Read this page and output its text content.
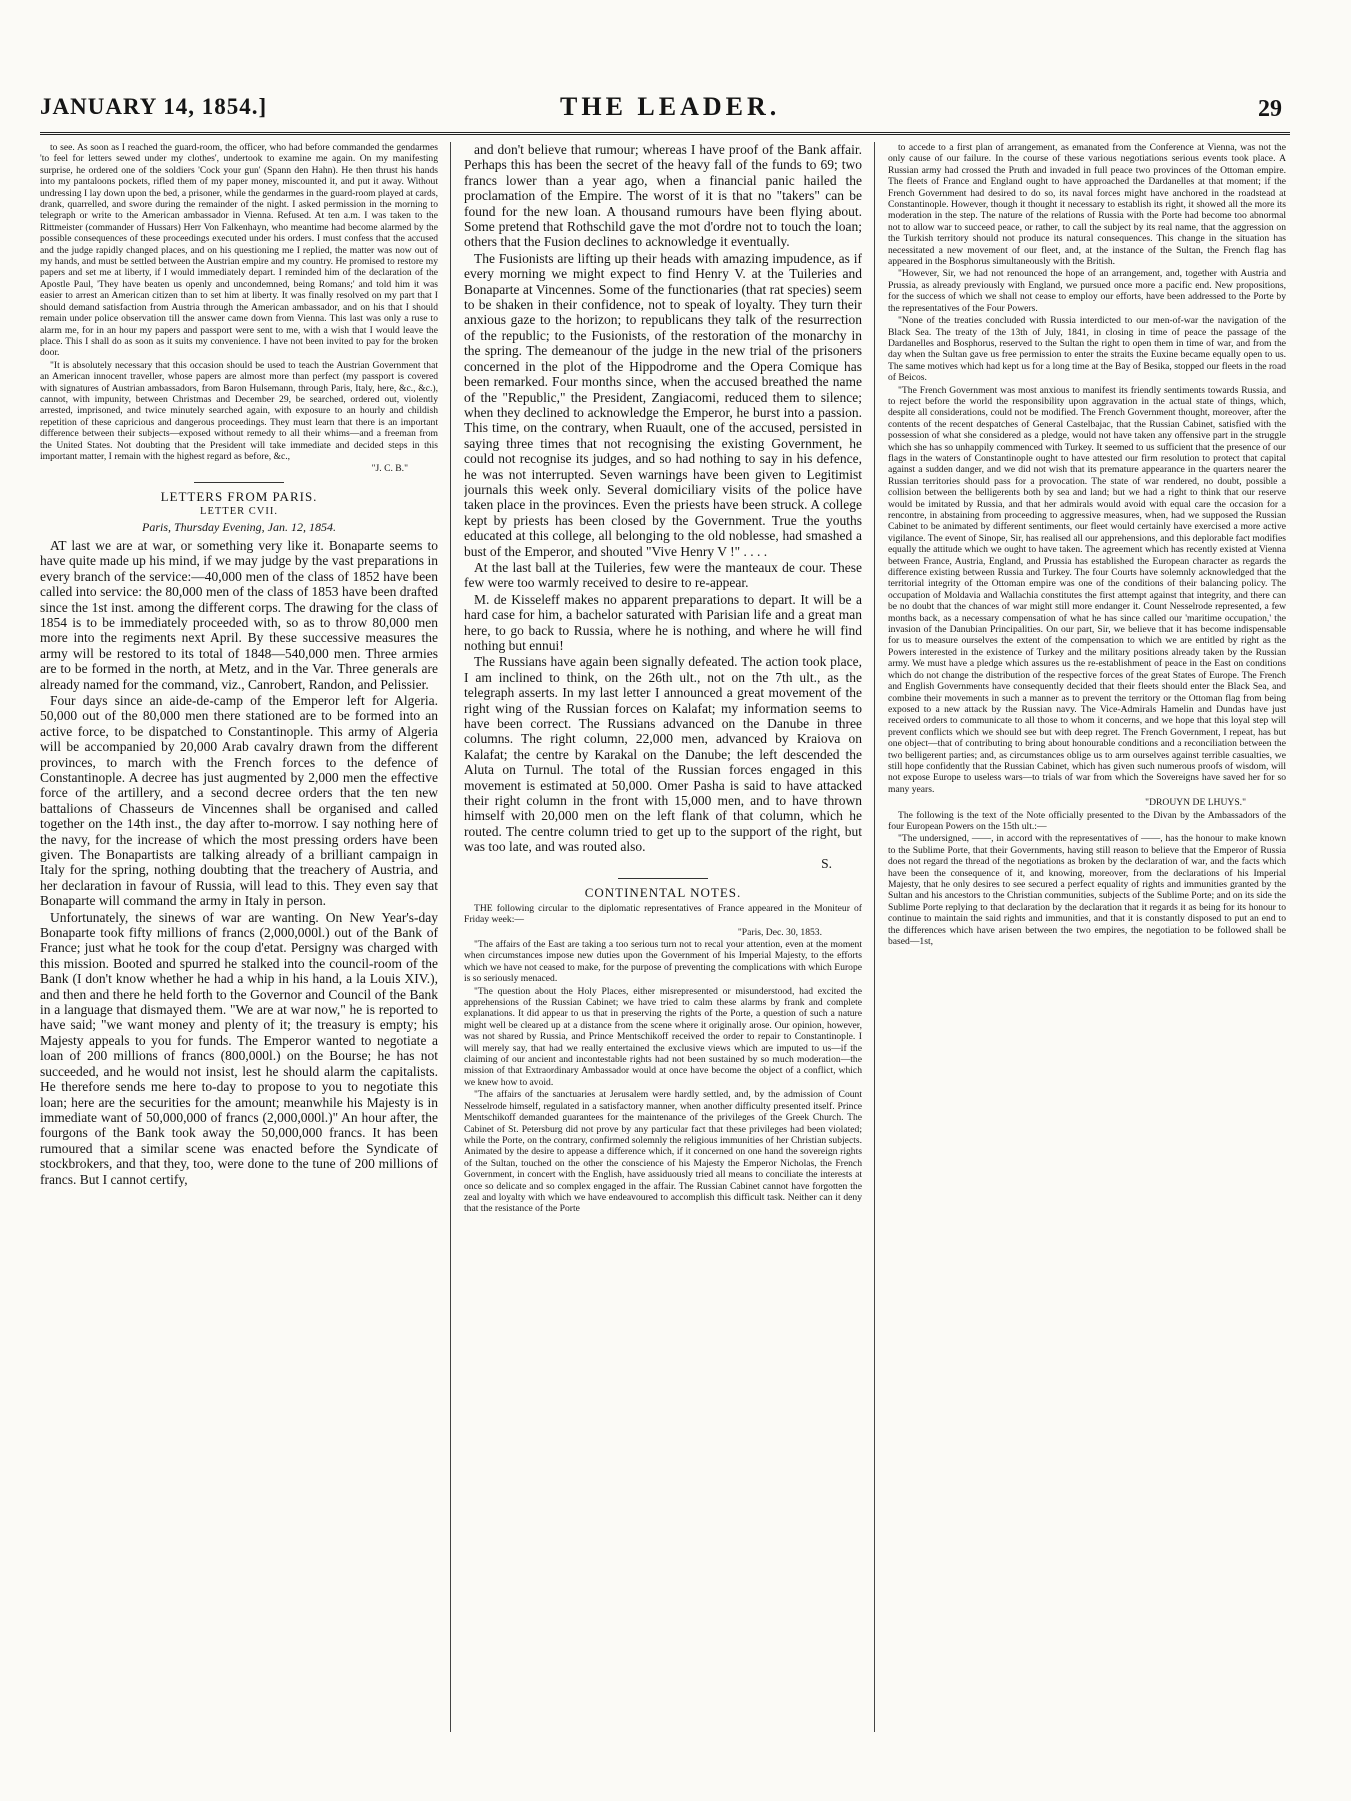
JANUARY 14, 1854.]	THE LEADER.	29

to see. As soon as I reached the guard-room, the officer, who had before commanded the gendarmes 'to feel for letters sewed under my clothes', undertook to examine me again. On my manifesting surprise, he ordered one of the soldiers 'Cock your gun' (Spann den Hahn). He then thrust his hands into my pantaloons pockets, rifled them of my paper money, miscounted it, and put it away. Without undressing I lay down upon the bed, a prisoner, while the gendarmes in the guard-room played at cards, drank, quarrelled, and swore during the remainder of the night. I asked permission in the morning to telegraph or write to the American ambassador in Vienna. Refused. At ten a.m. I was taken to the Rittmeister (commander of Hussars) Herr Von Falkenhayn, who meantime had become alarmed by the possible consequences of these proceedings executed under his orders. I must confess that the accused and the judge rapidly changed places, and on his questioning me I replied, the matter was now out of my hands, and must be settled between the Austrian empire and my country. He promised to restore my papers and set me at liberty, if I would immediately depart. I reminded him of the declaration of the Apostle Paul, 'They have beaten us openly and uncondemned, being Romans;' and told him it was easier to arrest an American citizen than to set him at liberty. It was finally resolved on my part that I should demand satisfaction from Austria through the American ambassador, and on his that I should remain under police observation till the answer came down from Vienna. This last was only a ruse to alarm me, for in an hour my papers and passport were sent to me, with a wish that I would leave the place. This I shall do as soon as it suits my convenience. I have not been invited to pay for the broken door.

"It is absolutely necessary that this occasion should be used to teach the Austrian Government that an American innocent traveller, whose papers are almost more than perfect (my passport is covered with signatures of Austrian ambassadors, from Baron Hulsemann, through Paris, Italy, here, &c., &c.), cannot, with impunity, between Christmas and December 29, be searched, ordered out, violently arrested, imprisoned, and twice minutely searched again, with exposure to an hourly and childish repetition of these capricious and dangerous proceedings. They must learn that there is an important difference between their subjects—exposed without remedy to all their whims—and a freeman from the United States. Not doubting that the President will take immediate and decided steps in this important matter, I remain with the highest regard as before, &c.,

"J. C. B."

LETTERS FROM PARIS.
LETTER CVII.
Paris, Thursday Evening, Jan. 12, 1854.

AT last we are at war, or something very like it. Bonaparte seems to have quite made up his mind, if we may judge by the vast preparations in every branch of the service:—40,000 men of the class of 1852 have been called into service: the 80,000 men of the class of 1853 have been drafted since the 1st inst. among the different corps. The drawing for the class of 1854 is to be immediately proceeded with, so as to throw 80,000 men more into the regiments next April. By these successive measures the army will be restored to its total of 1848—540,000 men. Three armies are to be formed in the north, at Metz, and in the Var. Three generals are already named for the command, viz., Canrobert, Randon, and Pelissier.

Four days since an aide-de-camp of the Emperor left for Algeria. 50,000 out of the 80,000 men there stationed are to be formed into an active force, to be dispatched to Constantinople. This army of Algeria will be accompanied by 20,000 Arab cavalry drawn from the different provinces, to march with the French forces to the defence of Constantinople. A decree has just augmented by 2,000 men the effective force of the artillery, and a second decree orders that the ten new battalions of Chasseurs de Vincennes shall be organised and called together on the 14th inst., the day after to-morrow. I say nothing here of the navy, for the increase of which the most pressing orders have been given. The Bonapartists are talking already of a brilliant campaign in Italy for the spring, nothing doubting that the treachery of Austria, and her declaration in favour of Russia, will lead to this. They even say that Bonaparte will command the army in Italy in person.

Unfortunately, the sinews of war are wanting. On New Year's-day Bonaparte took fifty millions of francs (2,000,000l.) out of the Bank of France; just what he took for the coup d'etat. Persigny was charged with this mission. Booted and spurred he stalked into the council-room of the Bank (I don't know whether he had a whip in his hand, a la Louis XIV.), and then and there he held forth to the Governor and Council of the Bank in a language that dismayed them. "We are at war now," he is reported to have said; "we want money and plenty of it; the treasury is empty; his Majesty appeals to you for funds. The Emperor wanted to negotiate a loan of 200 millions of francs (800,000l.) on the Bourse; he has not succeeded, and he would not insist, lest he should alarm the capitalists. He therefore sends me here to-day to propose to you to negotiate this loan; here are the securities for the amount; meanwhile his Majesty is in immediate want of 50,000,000 of francs (2,000,000l.)" An hour after, the fourgons of the Bank took away the 50,000,000 francs. It has been rumoured that a similar scene was enacted before the Syndicate of stockbrokers, and that they, too, were done to the tune of 200 millions of francs. But I cannot certify,

and don't believe that rumour; whereas I have proof of the Bank affair. Perhaps this has been the secret of the heavy fall of the funds to 69; two francs lower than a year ago, when a financial panic hailed the proclamation of the Empire. The worst of it is that no "takers" can be found for the new loan. A thousand rumours have been flying about. Some pretend that Rothschild gave the mot d'ordre not to touch the loan; others that the Fusion declines to acknowledge it eventually.

The Fusionists are lifting up their heads with amazing impudence, as if every morning we might expect to find Henry V. at the Tuileries and Bonaparte at Vincennes. Some of the functionaries (that rat species) seem to be shaken in their confidence, not to speak of loyalty. They turn their anxious gaze to the horizon; to republicans they talk of the resurrection of the republic; to the Fusionists, of the restoration of the monarchy in the spring. The demeanour of the judge in the new trial of the prisoners concerned in the plot of the Hippodrome and the Opera Comique has been remarked. Four months since, when the accused breathed the name of the "Republic," the President, Zangiacomi, reduced them to silence; when they declined to acknowledge the Emperor, he burst into a passion. This time, on the contrary, when Ruault, one of the accused, persisted in saying three times that not recognising the existing Government, he could not recognise its judges, and so had nothing to say in his defence, he was not interrupted. Seven warnings have been given to Legitimist journals this week only. Several domiciliary visits of the police have taken place in the provinces. Even the priests have been struck. A college kept by priests has been closed by the Government. True the youths educated at this college, all belonging to the old noblesse, had smashed a bust of the Emperor, and shouted "Vive Henry V !" . . . .

At the last ball at the Tuileries, few were the manteaux de cour. These few were too warmly received to desire to re-appear.

M. de Kisseleff makes no apparent preparations to depart. It will be a hard case for him, a bachelor saturated with Parisian life and a great man here, to go back to Russia, where he is nothing, and where he will find nothing but ennui!

The Russians have again been signally defeated. The action took place, I am inclined to think, on the 26th ult., not on the 7th ult., as the telegraph asserts. In my last letter I announced a great movement of the right wing of the Russian forces on Kalafat; my information seems to have been correct. The Russians advanced on the Danube in three columns. The right column, 22,000 men, advanced by Kraiova on Kalafat; the centre by Karakal on the Danube; the left descended the Aluta on Turnul. The total of the Russian forces engaged in this movement is estimated at 50,000. Omer Pasha is said to have attacked their right column in the front with 15,000 men, and to have thrown himself with 20,000 men on the left flank of that column, which he routed. The centre column tried to get up to the support of the right, but was too late, and was routed also.

S.

CONTINENTAL NOTES.

THE following circular to the diplomatic representatives of France appeared in the Moniteur of Friday week:—

"Paris, Dec. 30, 1853.

"The affairs of the East are taking a too serious turn not to recal your attention, even at the moment when circumstances impose new duties upon the Government of his Imperial Majesty, to the efforts which we have not ceased to make, for the purpose of preventing the complications with which Europe is so seriously menaced.

"The question about the Holy Places, either misrepresented or misunderstood, had excited the apprehensions of the Russian Cabinet; we have tried to calm these alarms by frank and complete explanations. It did appear to us that in preserving the rights of the Porte, a question of such a nature might well be cleared up at a distance from the scene where it originally arose. Our opinion, however, was not shared by Russia, and Prince Mentschikoff received the order to repair to Constantinople. I will merely say, that had we really entertained the exclusive views which are imputed to us—if the claiming of our ancient and incontestable rights had not been sustained by so much moderation—the mission of that Extraordinary Ambassador would at once have become the object of a conflict, which we knew how to avoid.

"The affairs of the sanctuaries at Jerusalem were hardly settled, and, by the admission of Count Nesselrode himself, regulated in a satisfactory manner, when another difficulty presented itself. Prince Mentschikoff demanded guarantees for the maintenance of the privileges of the Greek Church. The Cabinet of St. Petersburg did not prove by any particular fact that these privileges had been violated; while the Porte, on the contrary, confirmed solemnly the religious immunities of her Christian subjects. Animated by the desire to appease a difference which, if it concerned on one hand the sovereign rights of the Sultan, touched on the other the conscience of his Majesty the Emperor Nicholas, the French Government, in concert with the English, have assiduously tried all means to conciliate the interests at once so delicate and so complex engaged in the affair. The Russian Cabinet cannot have forgotten the zeal and loyalty with which we have endeavoured to accomplish this difficult task. Neither can it deny that the resistance of the Porte

to accede to a first plan of arrangement, as emanated from the Conference at Vienna, was not the only cause of our failure. In the course of these various negotiations serious events took place. A Russian army had crossed the Pruth and invaded in full peace two provinces of the Ottoman empire. The fleets of France and England ought to have approached the Dardanelles at that moment; if the French Government had desired to do so, its naval forces might have anchored in the roadstead at Constantinople. However, though it thought it necessary to establish its right, it showed all the more its moderation in the step. The nature of the relations of Russia with the Porte had become too abnormal not to allow war to succeed peace, or rather, to call the subject by its real name, that the aggression on the Turkish territory should not produce its natural consequences. This change in the situation has necessitated a new movement of our fleet, and, at the instance of the Sultan, the French flag has appeared in the Bosphorus simultaneously with the British.

"However, Sir, we had not renounced the hope of an arrangement, and, together with Austria and Prussia, as already previously with England, we pursued once more a pacific end. New propositions, for the success of which we shall not cease to employ our efforts, have been addressed to the Porte by the representatives of the Four Powers.

"None of the treaties concluded with Russia interdicted to our men-of-war the navigation of the Black Sea. The treaty of the 13th of July, 1841, in closing in time of peace the passage of the Dardanelles and Bosphorus, reserved to the Sultan the right to open them in time of war, and from the day when the Sultan gave us free permission to enter the straits the Euxine became equally open to us. The same motives which had kept us for a long time at the Bay of Besika, stopped our fleets in the road of Beicos.

"The French Government was most anxious to manifest its friendly sentiments towards Russia, and to reject before the world the responsibility upon aggravation in the actual state of things, which, despite all considerations, could not be modified. The French Government thought, moreover, after the contents of the recent despatches of General Castelbajac, that the Russian Cabinet, satisfied with the possession of what she considered as a pledge, would not have taken any offensive part in the struggle which she has so unhappily commenced with Turkey. It seemed to us sufficient that the presence of our flags in the waters of Constantinople ought to have attested our firm resolution to protect that capital against a sudden danger, and we did not wish that its premature appearance in the quarters nearer the Russian territories should pass for a provocation. The state of war rendered, no doubt, possible a collision between the belligerents both by sea and land; but we had a right to think that our reserve would be imitated by Russia, and that her admirals would avoid with equal care the occasion for a rencontre, in abstaining from proceeding to aggressive measures, when, had we supposed the Russian Cabinet to be animated by different sentiments, our fleet would certainly have exercised a more active vigilance. The event of Sinope, Sir, has realised all our apprehensions, and this deplorable fact modifies equally the attitude which we ought to have taken. The agreement which has recently existed at Vienna between France, Austria, England, and Prussia has established the European character as regards the difference existing between Russia and Turkey. The four Courts have solemnly acknowledged that the territorial integrity of the Ottoman empire was one of the conditions of their balancing policy. The occupation of Moldavia and Wallachia constitutes the first attempt against that integrity, and there can be no doubt that the chances of war might still more endanger it. Count Nesselrode represented, a few months back, as a necessary compensation of what he has since called our 'maritime occupation,' the invasion of the Danubian Principalities. On our part, Sir, we believe that it has become indispensable for us to measure ourselves the extent of the compensation to which we are entitled by right as the Powers interested in the existence of Turkey and the military positions already taken by the Russian army. We must have a pledge which assures us the re-establishment of peace in the East on conditions which do not change the distribution of the respective forces of the great States of Europe. The French and English Governments have consequently decided that their fleets should enter the Black Sea, and combine their movements in such a manner as to prevent the territory or the Ottoman flag from being exposed to a new attack by the Russian navy. The Vice-Admirals Hamelin and Dundas have just received orders to communicate to all those to whom it concerns, and we hope that this loyal step will prevent conflicts which we should see but with deep regret. The French Government, I repeat, has but one object—that of contributing to bring about honourable conditions and a reconciliation between the two belligerent parties; and, as circumstances oblige us to arm ourselves against terrible casualties, we still hope confidently that the Russian Cabinet, which has given such numerous proofs of wisdom, will not expose Europe to useless wars—to trials of war from which the Sovereigns have saved her for so many years.

"DROUYN DE LHUYS."

The following is the text of the Note officially presented to the Divan by the Ambassadors of the four European Powers on the 15th ult.:—

"The undersigned, ——, in accord with the representatives of ——, has the honour to make known to the Sublime Porte, that their Governments, having still reason to believe that the Emperor of Russia does not regard the thread of the negotiations as broken by the declaration of war, and the facts which have been the consequence of it, and knowing, moreover, from the declarations of his Imperial Majesty, that he only desires to see secured a perfect equality of rights and immunities granted by the Sultan and his ancestors to the Christian communities, subjects of the Sublime Porte; and on its side the Sublime Porte replying to that declaration by the declaration that it regards it as being for its honour to continue to maintain the said rights and immunities, and that it is constantly disposed to put an end to the differences which have arisen between the two empires, the negotiation to be followed shall be based—1st,
